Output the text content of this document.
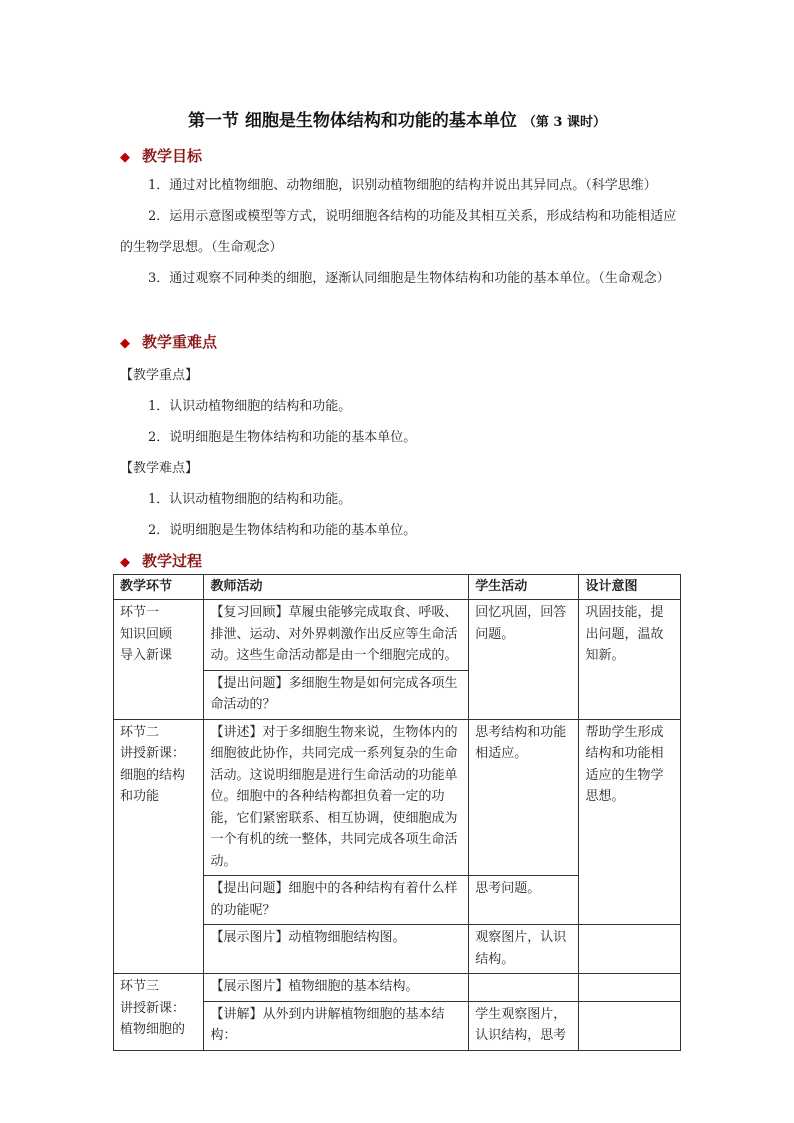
第一节 细胞是生物体结构和功能的基本单位 （第 3 课时）
◆ 教学目标
1．通过对比植物细胞、动物细胞，识别动植物细胞的结构并说出其异同点。（科学思维）
2．运用示意图或模型等方式，说明细胞各结构的功能及其相互关系，形成结构和功能相适应的生物学思想。（生命观念）
3．通过观察不同种类的细胞，逐渐认同细胞是生物体结构和功能的基本单位。（生命观念）
◆ 教学重难点
【教学重点】
1．认识动植物细胞的结构和功能。
2．说明细胞是生物体结构和功能的基本单位。
【教学难点】
1．认识动植物细胞的结构和功能。
2．说明细胞是生物体结构和功能的基本单位。
◆ 教学过程
教学环节	教师活动	学生活动	设计意图
环节一
知识回顾
导入新课	【复习回顾】草履虫能够完成取食、呼吸、排泄、运动、对外界刺激作出反应等生命活动。这些生命活动都是由一个细胞完成的。	回忆巩固，回答问题。	巩固技能，提出问题，温故知新。
	【提出问题】多细胞生物是如何完成各项生命活动的？		
环节二
讲授新课：细胞的结构和功能	【讲述】对于多细胞生物来说，生物体内的细胞彼此协作，共同完成一系列复杂的生命活动。这说明细胞是进行生命活动的功能单位。细胞中的各种结构都担负着一定的功能，它们紧密联系、相互协调，使细胞成为一个有机的统一整体，共同完成各项生命活动。	思考结构和功能相适应。	帮助学生形成结构和功能相适应的生物学思想。
	【提出问题】细胞中的各种结构有着什么样的功能呢？	思考问题。	
	【展示图片】动植物细胞结构图。	观察图片，认识结构。	
环节三
讲授新课：植物细胞的	【展示图片】植物细胞的基本结构。		
	【讲解】从外到内讲解植物细胞的基本结构：	学生观察图片，认识结构，思考	
